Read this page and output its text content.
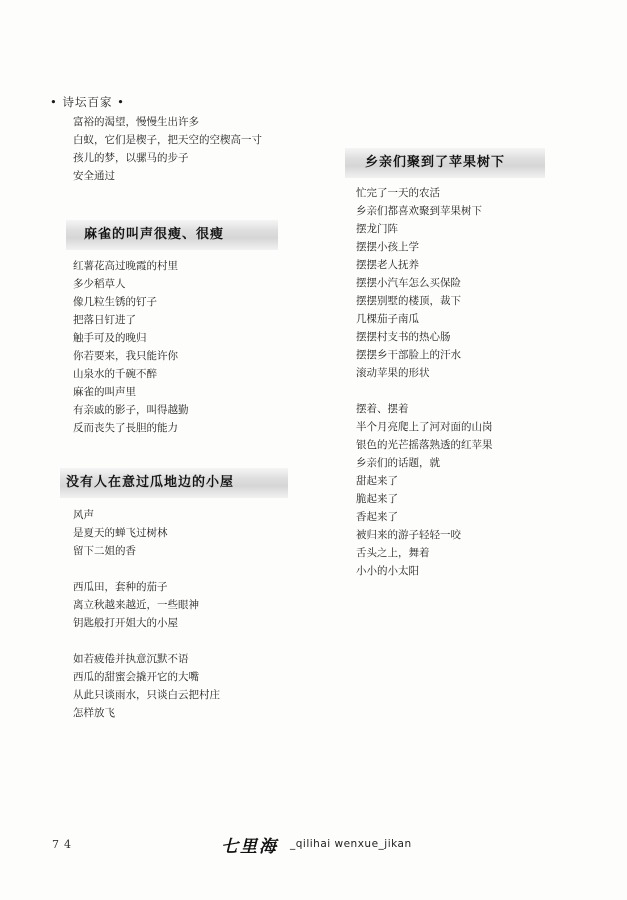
• 诗坛百家 •
富裕的渴望，慢慢生出许多
白蚁，它们是楔子，把天空的空楔高一寸
孩儿的梦，以骡马的步子
安全通过
麻雀的叫声很瘦、很瘦
红薯花高过晚霞的村里
多少稻草人
像几粒生锈的钉子
把落日钉进了
触手可及的晚归
你若要来，我只能许你
山泉水的千碗不醉
麻雀的叫声里
有亲戚的影子，叫得越勤
反而丧失了長胆的能力
没有人在意过瓜地边的小屋
风声
是夏天的蝉飞过树林
留下二姐的香
西瓜田，套种的茄子
离立秋越来越近，一些眼神
钥匙般打开姐大的小屋
如若疲倦并执意沉默不语
西瓜的甜蜜会撬开它的大嘴
从此只谈雨水，只谈白云把村庄
怎样放飞
乡亲们聚到了苹果树下
忙完了一天的农活
乡亲们都喜欢聚到苹果树下
摆龙门阵
摆摆小孩上学
摆摆老人抚养
摆摆小汽车怎么买保险
摆摆别墅的楼顶，裁下
几棵茄子南瓜
摆摆村支书的热心肠
摆摆乡干部脸上的汗水
滚动苹果的形状
摆着、摆着
半个月亮爬上了河对面的山岗
银色的光芒摇落熟透的红苹果
乡亲们的话题，就
甜起来了
脆起来了
香起来了
被归来的游子轻轻一咬
舌头之上，舞着
小小的小太阳
74	七里海 _qilihai wenxue_jikan
